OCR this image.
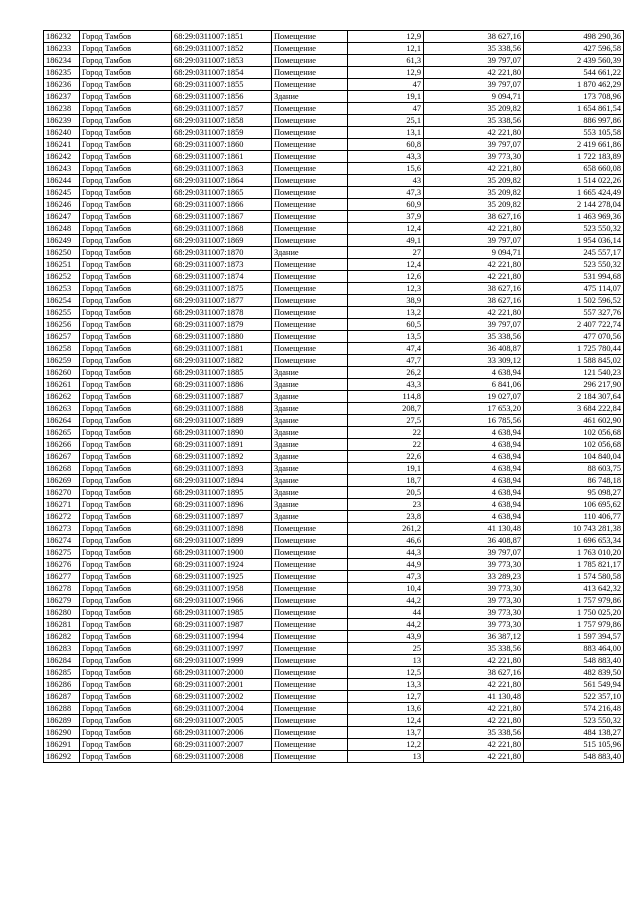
186232	Город Тамбов	68:29:0311007:1851	Помещение	12,9	38 627,16	498 290,36
186233	Город Тамбов	68:29:0311007:1852	Помещение	12,1	35 338,56	427 596,58
186234	Город Тамбов	68:29:0311007:1853	Помещение	61,3	39 797,07	2 439 560,39
186235	Город Тамбов	68:29:0311007:1854	Помещение	12,9	42 221,80	544 661,22
186236	Город Тамбов	68:29:0311007:1855	Помещение	47	39 797,07	1 870 462,29
186237	Город Тамбов	68:29:0311007:1856	Здание	19,1	9 094,71	173 708,96
186238	Город Тамбов	68:29:0311007:1857	Помещение	47	35 209,82	1 654 861,54
186239	Город Тамбов	68:29:0311007:1858	Помещение	25,1	35 338,56	886 997,86
186240	Город Тамбов	68:29:0311007:1859	Помещение	13,1	42 221,80	553 105,58
186241	Город Тамбов	68:29:0311007:1860	Помещение	60,8	39 797,07	2 419 661,86
186242	Город Тамбов	68:29:0311007:1861	Помещение	43,3	39 773,30	1 722 183,89
186243	Город Тамбов	68:29:0311007:1863	Помещение	15,6	42 221,80	658 660,08
186244	Город Тамбов	68:29:0311007:1864	Помещение	43	35 209,82	1 514 022,26
186245	Город Тамбов	68:29:0311007:1865	Помещение	47,3	35 209,82	1 665 424,49
186246	Город Тамбов	68:29:0311007:1866	Помещение	60,9	35 209,82	2 144 278,04
186247	Город Тамбов	68:29:0311007:1867	Помещение	37,9	38 627,16	1 463 969,36
186248	Город Тамбов	68:29:0311007:1868	Помещение	12,4	42 221,80	523 550,32
186249	Город Тамбов	68:29:0311007:1869	Помещение	49,1	39 797,07	1 954 036,14
186250	Город Тамбов	68:29:0311007:1870	Здание	27	9 094,71	245 557,17
186251	Город Тамбов	68:29:0311007:1873	Помещение	12,4	42 221,80	523 550,32
186252	Город Тамбов	68:29:0311007:1874	Помещение	12,6	42 221,80	531 994,68
186253	Город Тамбов	68:29:0311007:1875	Помещение	12,3	38 627,16	475 114,07
186254	Город Тамбов	68:29:0311007:1877	Помещение	38,9	38 627,16	1 502 596,52
186255	Город Тамбов	68:29:0311007:1878	Помещение	13,2	42 221,80	557 327,76
186256	Город Тамбов	68:29:0311007:1879	Помещение	60,5	39 797,07	2 407 722,74
186257	Город Тамбов	68:29:0311007:1880	Помещение	13,5	35 338,56	477 070,56
186258	Город Тамбов	68:29:0311007:1881	Помещение	47,4	36 408,87	1 725 780,44
186259	Город Тамбов	68:29:0311007:1882	Помещение	47,7	33 309,12	1 588 845,02
186260	Город Тамбов	68:29:0311007:1885	Здание	26,2	4 638,94	121 540,23
186261	Город Тамбов	68:29:0311007:1886	Здание	43,3	6 841,06	296 217,90
186262	Город Тамбов	68:29:0311007:1887	Здание	114,8	19 027,07	2 184 307,64
186263	Город Тамбов	68:29:0311007:1888	Здание	208,7	17 653,20	3 684 222,84
186264	Город Тамбов	68:29:0311007:1889	Здание	27,5	16 785,56	461 602,90
186265	Город Тамбов	68:29:0311007:1890	Здание	22	4 638,94	102 056,68
186266	Город Тамбов	68:29:0311007:1891	Здание	22	4 638,94	102 056,68
186267	Город Тамбов	68:29:0311007:1892	Здание	22,6	4 638,94	104 840,04
186268	Город Тамбов	68:29:0311007:1893	Здание	19,1	4 638,94	88 603,75
186269	Город Тамбов	68:29:0311007:1894	Здание	18,7	4 638,94	86 748,18
186270	Город Тамбов	68:29:0311007:1895	Здание	20,5	4 638,94	95 098,27
186271	Город Тамбов	68:29:0311007:1896	Здание	23	4 638,94	106 695,62
186272	Город Тамбов	68:29:0311007:1897	Здание	23,8	4 638,94	110 406,77
186273	Город Тамбов	68:29:0311007:1898	Помещение	261,2	41 130,48	10 743 281,38
186274	Город Тамбов	68:29:0311007:1899	Помещение	46,6	36 408,87	1 696 653,34
186275	Город Тамбов	68:29:0311007:1900	Помещение	44,3	39 797,07	1 763 010,20
186276	Город Тамбов	68:29:0311007:1924	Помещение	44,9	39 773,30	1 785 821,17
186277	Город Тамбов	68:29:0311007:1925	Помещение	47,3	33 289,23	1 574 580,58
186278	Город Тамбов	68:29:0311007:1958	Помещение	10,4	39 773,30	413 642,32
186279	Город Тамбов	68:29:0311007:1966	Помещение	44,2	39 773,30	1 757 979,86
186280	Город Тамбов	68:29:0311007:1985	Помещение	44	39 773,30	1 750 025,20
186281	Город Тамбов	68:29:0311007:1987	Помещение	44,2	39 773,30	1 757 979,86
186282	Город Тамбов	68:29:0311007:1994	Помещение	43,9	36 387,12	1 597 394,57
186283	Город Тамбов	68:29:0311007:1997	Помещение	25	35 338,56	883 464,00
186284	Город Тамбов	68:29:0311007:1999	Помещение	13	42 221,80	548 883,40
186285	Город Тамбов	68:29:0311007:2000	Помещение	12,5	38 627,16	482 839,50
186286	Город Тамбов	68:29:0311007:2001	Помещение	13,3	42 221,80	561 549,94
186287	Город Тамбов	68:29:0311007:2002	Помещение	12,7	41 130,48	522 357,10
186288	Город Тамбов	68:29:0311007:2004	Помещение	13,6	42 221,80	574 216,48
186289	Город Тамбов	68:29:0311007:2005	Помещение	12,4	42 221,80	523 550,32
186290	Город Тамбов	68:29:0311007:2006	Помещение	13,7	35 338,56	484 138,27
186291	Город Тамбов	68:29:0311007:2007	Помещение	12,2	42 221,80	515 105,96
186292	Город Тамбов	68:29:0311007:2008	Помещение	13	42 221,80	548 883,40
